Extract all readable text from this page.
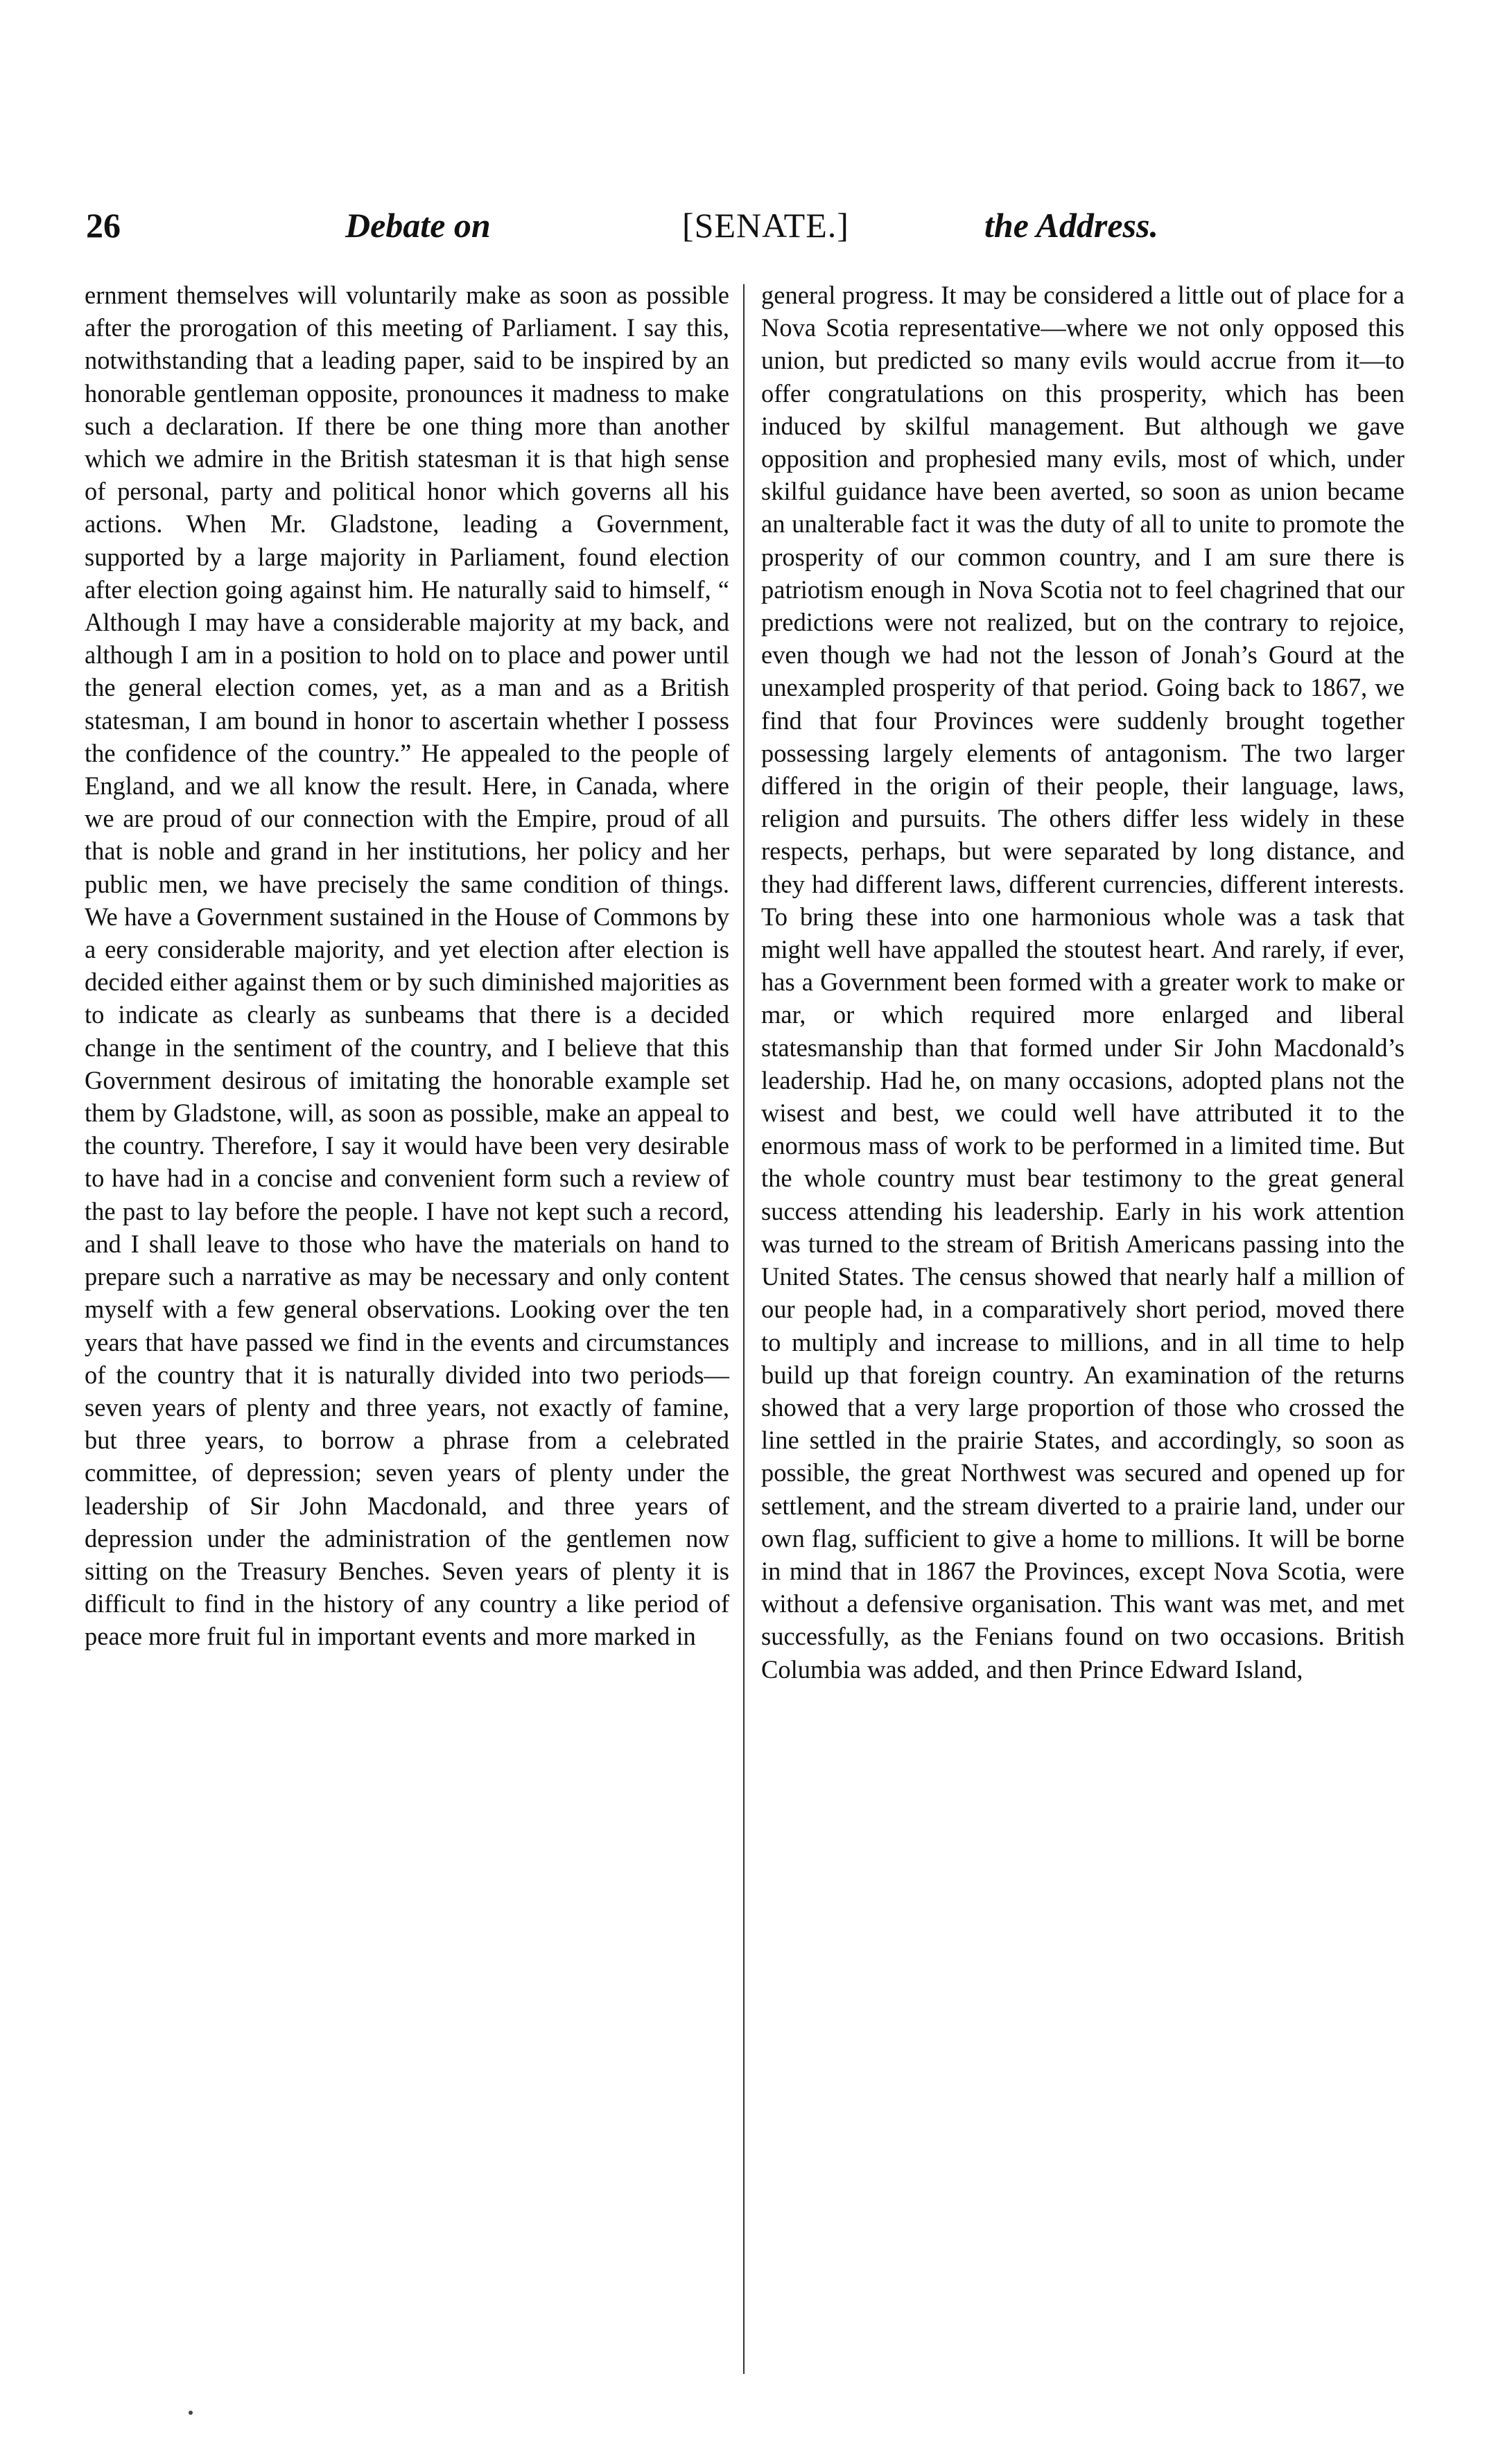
26	Debate on	[SENATE.]	the Address.

ernment themselves will voluntarily make as soon as possible after the prorogation of this meeting of Parliament. I say this, notwithstanding that a leading paper, said to be inspired by an honorable gentleman opposite, pronounces it madness to make such a declaration. If there be one thing more than another which we admire in the British statesman it is that high sense of personal, party and political honor which governs all his actions. When Mr. Gladstone, leading a Government, supported by a large majority in Parliament, found election after election going against him. He naturally said to himself, “ Although I may have a considerable majority at my back, and although I am in a position to hold on to place and power until the general election comes, yet, as a man and as a British statesman, I am bound in honor to ascertain whether I possess the confidence of the country.” He appealed to the people of England, and we all know the result. Here, in Canada, where we are proud of our connection with the Empire, proud of all that is noble and grand in her institutions, her policy and her public men, we have precisely the same condition of things. We have a Government sustained in the House of Commons by a eery considerable majority, and yet election after election is decided either against them or by such diminished majorities as to indicate as clearly as sunbeams that there is a decided change in the sentiment of the country, and I believe that this Government desirous of imitating the honorable example set them by Gladstone, will, as soon as possible, make an appeal to the country. Therefore, I say it would have been very desirable to have had in a concise and convenient form such a review of the past to lay before the people. I have not kept such a record, and I shall leave to those who have the materials on hand to prepare such a narrative as may be necessary and only content myself with a few general observations. Looking over the ten years that have passed we find in the events and circumstances of the country that it is naturally divided into two periods—seven years of plenty and three years, not exactly of famine, but three years, to borrow a phrase from a celebrated committee, of depression; seven years of plenty under the leadership of Sir John Macdonald, and three years of depression under the administration of the gentlemen now sitting on the Treasury Benches. Seven years of plenty it is difficult to find in the history of any country a like period of peace more fruit ful in important events and more marked in

general progress. It may be considered a little out of place for a Nova Scotia representative—where we not only opposed this union, but predicted so many evils would accrue from it—to offer congratulations on this prosperity, which has been induced by skilful management. But although we gave opposition and prophesied many evils, most of which, under skilful guidance have been averted, so soon as union became an unalterable fact it was the duty of all to unite to promote the prosperity of our common country, and I am sure there is patriotism enough in Nova Scotia not to feel chagrined that our predictions were not realized, but on the contrary to rejoice, even though we had not the lesson of Jonah’s Gourd at the unexampled prosperity of that period. Going back to 1867, we find that four Provinces were suddenly brought together possessing largely elements of antagonism. The two larger differed in the origin of their people, their language, laws, religion and pursuits. The others differ less widely in these respects, perhaps, but were separated by long distance, and they had different laws, different currencies, different interests. To bring these into one harmonious whole was a task that might well have appalled the stoutest heart. And rarely, if ever, has a Government been formed with a greater work to make or mar, or which required more enlarged and liberal statesmanship than that formed under Sir John Macdonald’s leadership. Had he, on many occasions, adopted plans not the wisest and best, we could well have attributed it to the enormous mass of work to be performed in a limited time. But the whole country must bear testimony to the great general success attending his leadership. Early in his work attention was turned to the stream of British Americans passing into the United States. The census showed that nearly half a million of our people had, in a comparatively short period, moved there to multiply and increase to millions, and in all time to help build up that foreign country. An examination of the returns showed that a very large proportion of those who crossed the line settled in the prairie States, and accordingly, so soon as possible, the great Northwest was secured and opened up for settlement, and the stream diverted to a prairie land, under our own flag, sufficient to give a home to millions. It will be borne in mind that in 1867 the Provinces, except Nova Scotia, were without a defensive organisation. This want was met, and met successfully, as the Fenians found on two occasions. British Columbia was added, and then Prince Edward Island,
